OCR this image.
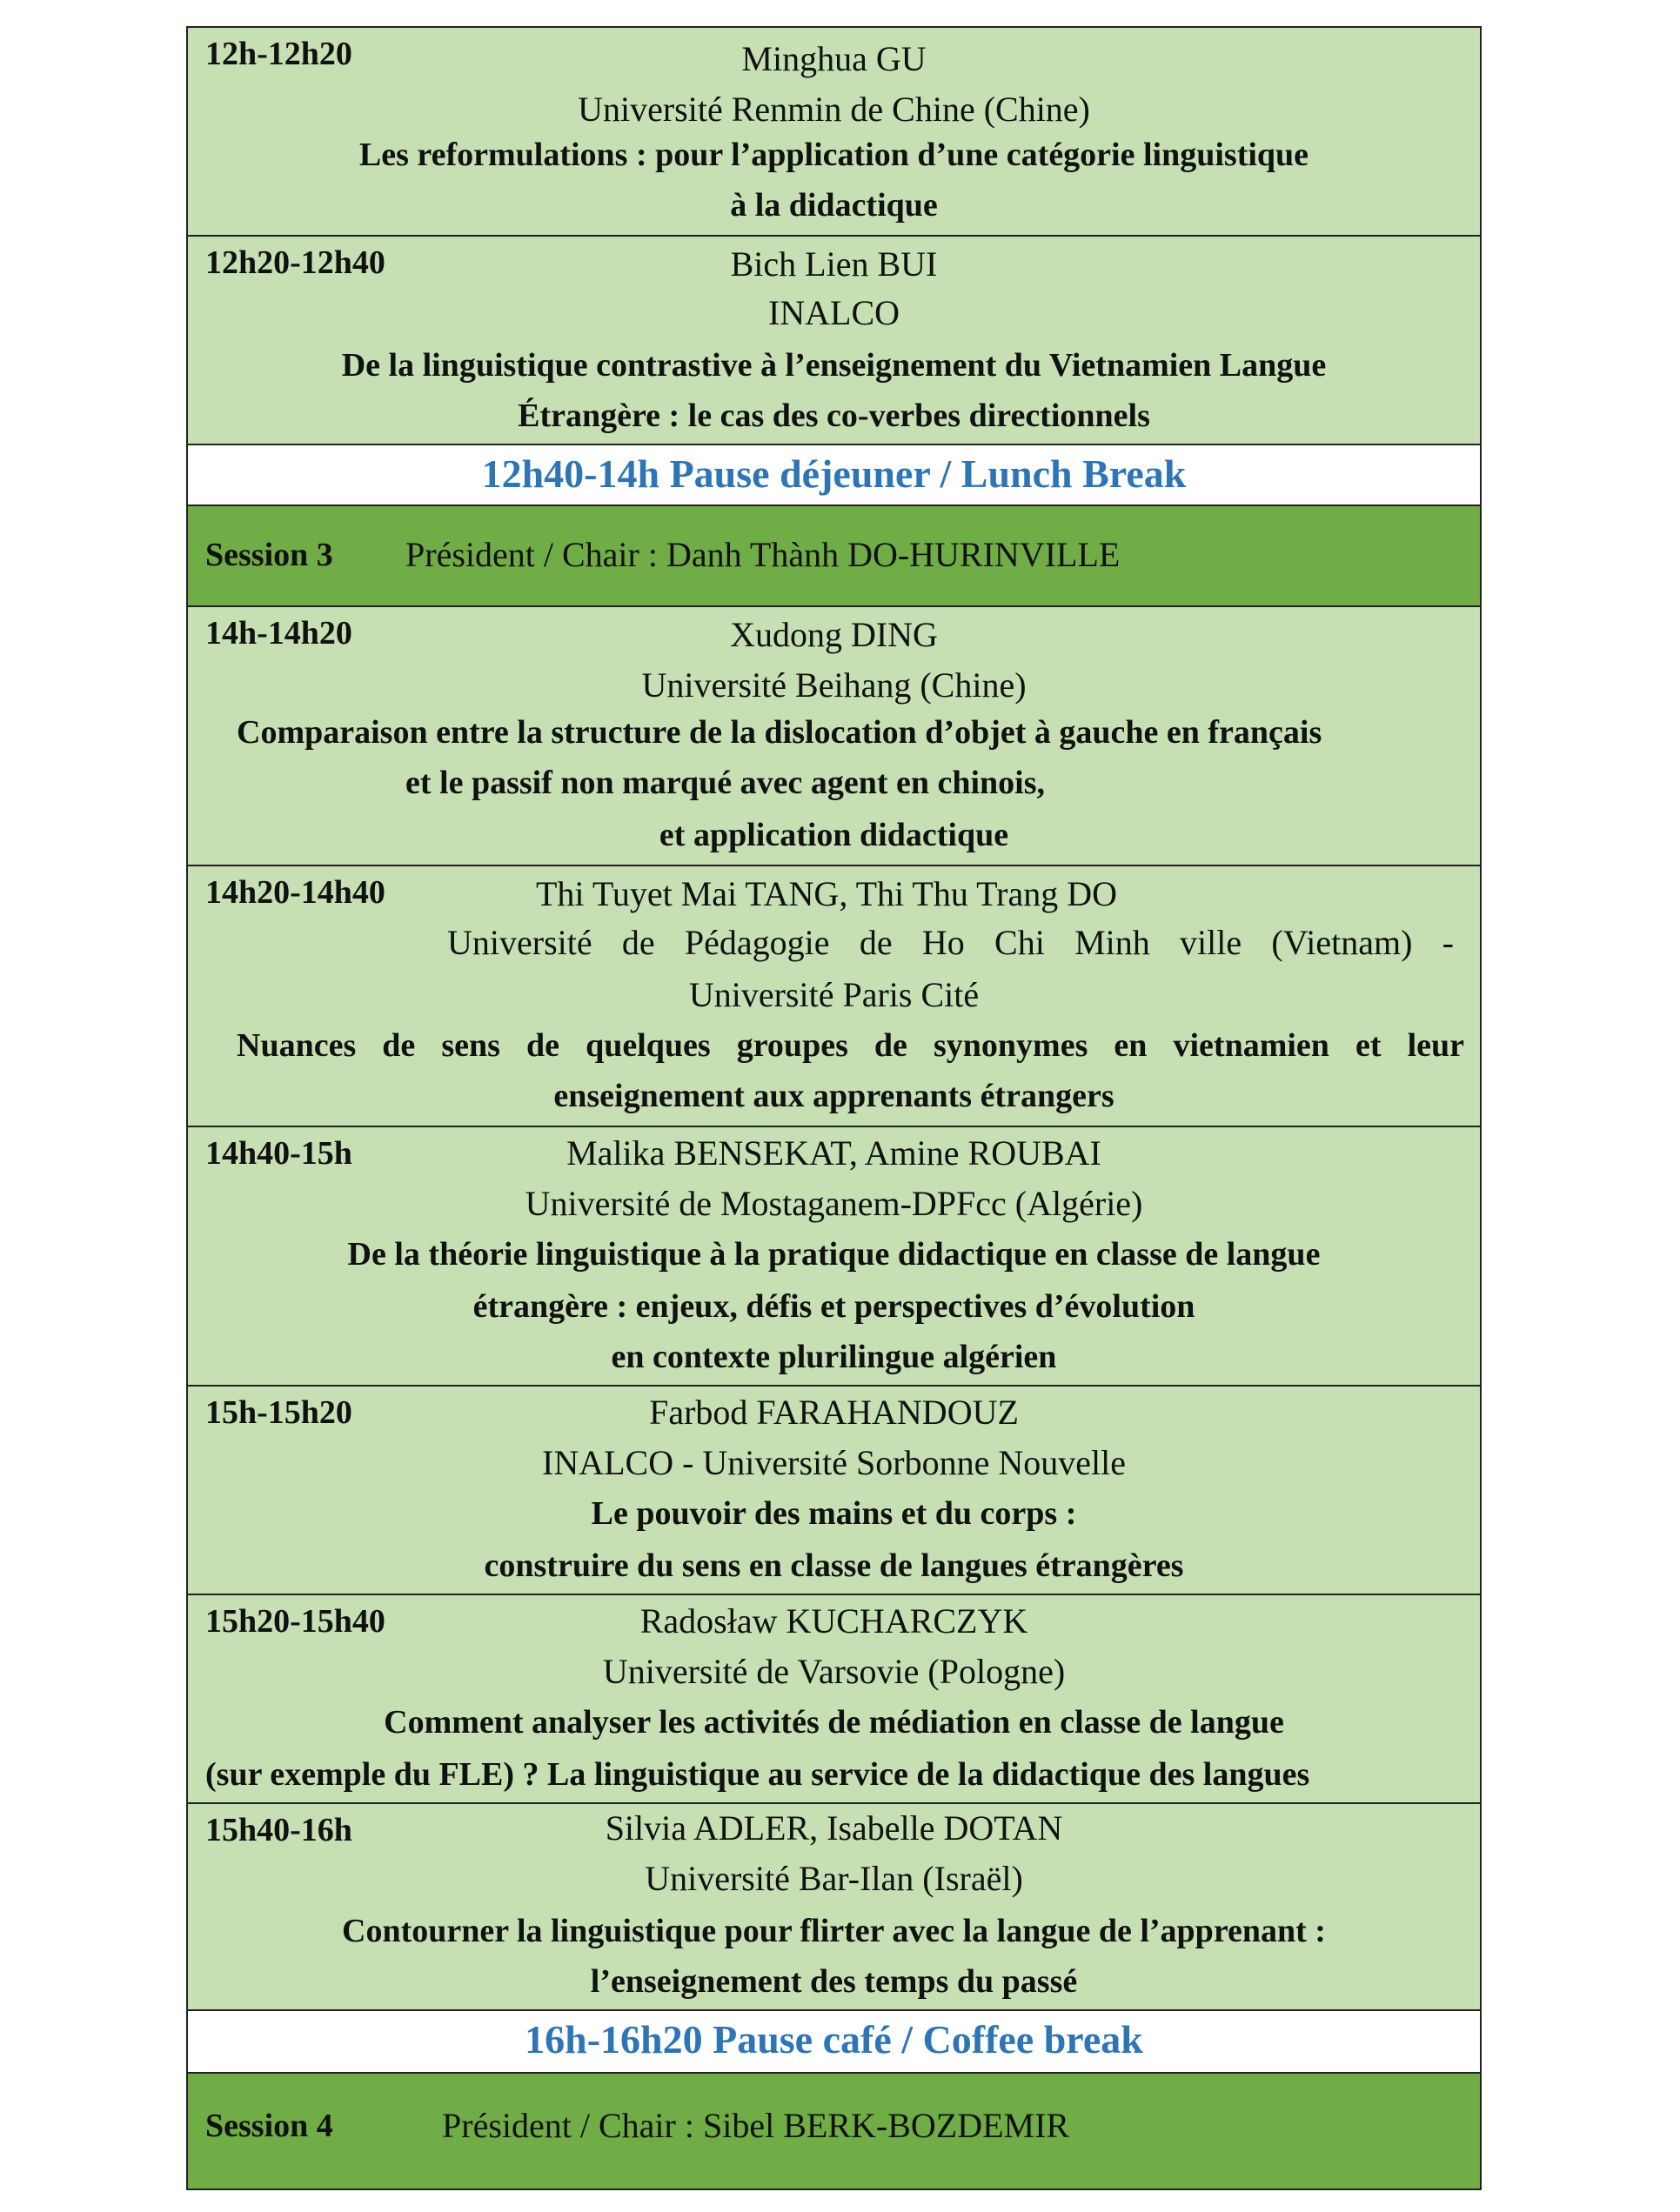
12h-12h20	Minghua GU
Université Renmin de Chine (Chine)
Les reformulations : pour l’application d’une catégorie linguistique
à la didactique
12h20-12h40	Bich Lien BUI
INALCO
De la linguistique contrastive à l’enseignement du Vietnamien Langue
Étrangère : le cas des co-verbes directionnels
12h40-14h Pause déjeuner / Lunch Break
Session 3 Président / Chair : Danh Thành DO-HURINVILLE
14h-14h20	Xudong DING
Université Beihang (Chine)
Comparaison entre la structure de la dislocation d’objet à gauche en français
et le passif non marqué avec agent en chinois,
et application didactique
14h20-14h40	Thi Tuyet Mai TANG, Thi Thu Trang DO
Université de Pédagogie de Ho Chi Minh ville (Vietnam) -
Université Paris Cité
Nuances de sens de quelques groupes de synonymes en vietnamien et leur
enseignement aux apprenants étrangers
14h40-15h	Malika BENSEKAT, Amine ROUBAI
Université de Mostaganem-DPFcc (Algérie)
De la théorie linguistique à la pratique didactique en classe de langue
étrangère : enjeux, défis et perspectives d’évolution
en contexte plurilingue algérien
15h-15h20	Farbod FARAHANDOUZ
INALCO - Université Sorbonne Nouvelle
Le pouvoir des mains et du corps :
construire du sens en classe de langues étrangères
15h20-15h40	Radosław KUCHARCZYK
Université de Varsovie (Pologne)
Comment analyser les activités de médiation en classe de langue
(sur exemple du FLE) ? La linguistique au service de la didactique des langues
15h40-16h	Silvia ADLER, Isabelle DOTAN
Université Bar-Ilan (Israël)
Contourner la linguistique pour flirter avec la langue de l’apprenant :
l’enseignement des temps du passé
16h-16h20 Pause café / Coffee break
Session 4	Président / Chair : Sibel BERK-BOZDEMIR
